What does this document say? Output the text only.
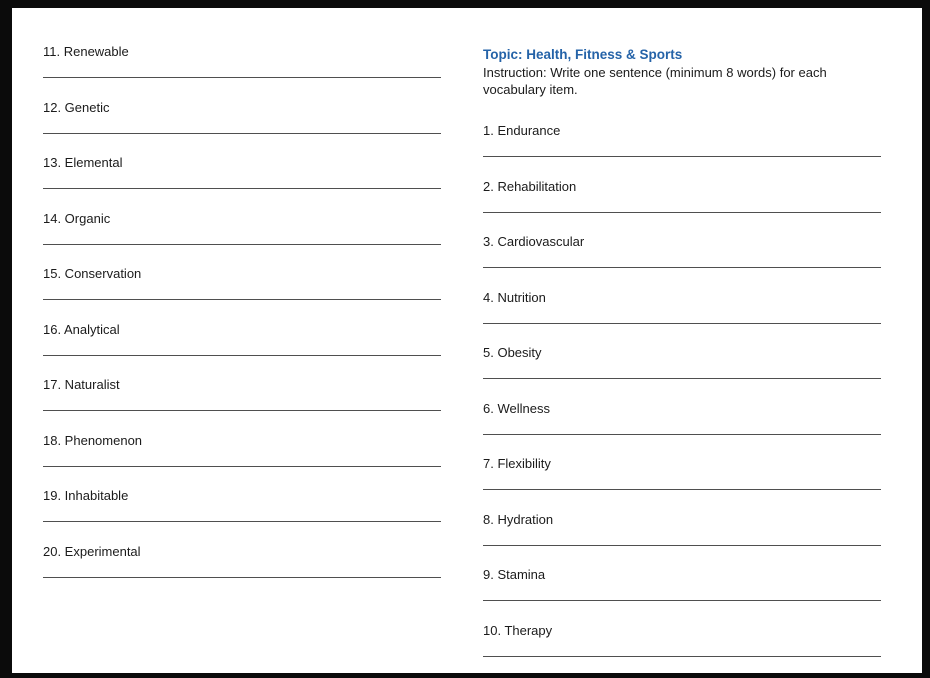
11. Renewable
12. Genetic
13. Elemental
14. Organic
15. Conservation
16. Analytical
17. Naturalist
18. Phenomenon
19. Inhabitable
20. Experimental
Topic: Health, Fitness & Sports
Instruction: Write one sentence (minimum 8 words) for each vocabulary item.
1. Endurance
2. Rehabilitation
3. Cardiovascular
4. Nutrition
5. Obesity
6. Wellness
7. Flexibility
8. Hydration
9. Stamina
10. Therapy
